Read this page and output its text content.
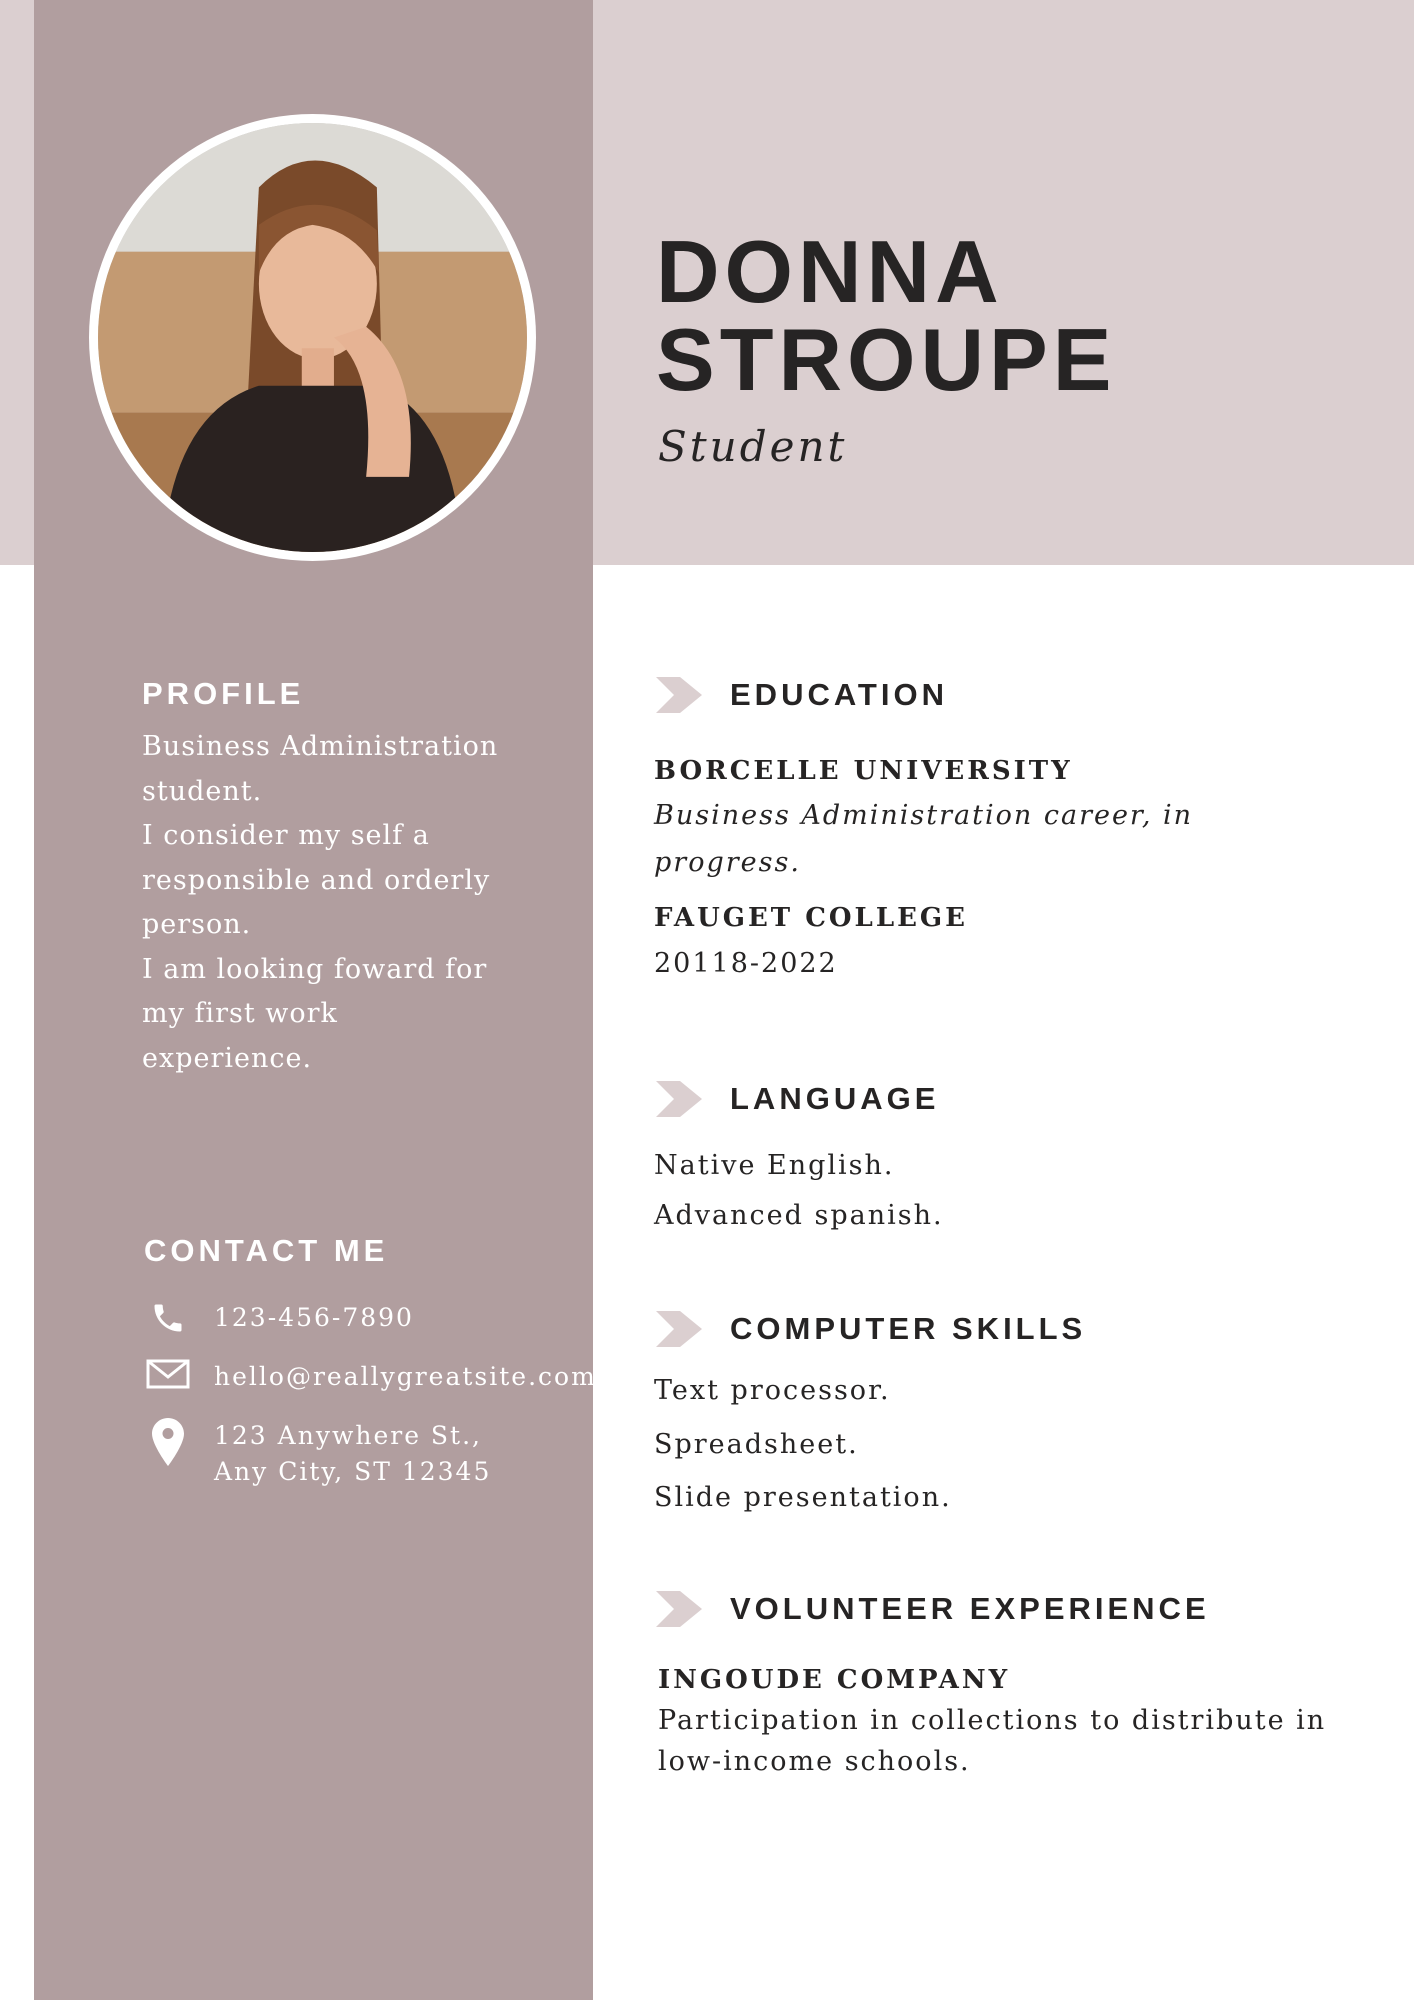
DONNA
STROUPE

Student

PROFILE
Business Administration
student.
I consider my self a
responsible and orderly
person.
I am looking foward for
my first work
experience.
CONTACT ME
123-456-7890
hello@reallygreatsite.com
123 Anywhere St.,
Any City, ST 12345
EDUCATION

BORCELLE UNIVERSITY

Business Administration career, in progress.

FAUGET COLLEGE

20118-2022

LANGUAGE

Native English.

Advanced spanish.

COMPUTER SKILLS

Text processor.

Spreadsheet.

Slide presentation.

VOLUNTEER EXPERIENCE

INGOUDE COMPANY

Participation in collections to distribute in

low-income schools.
